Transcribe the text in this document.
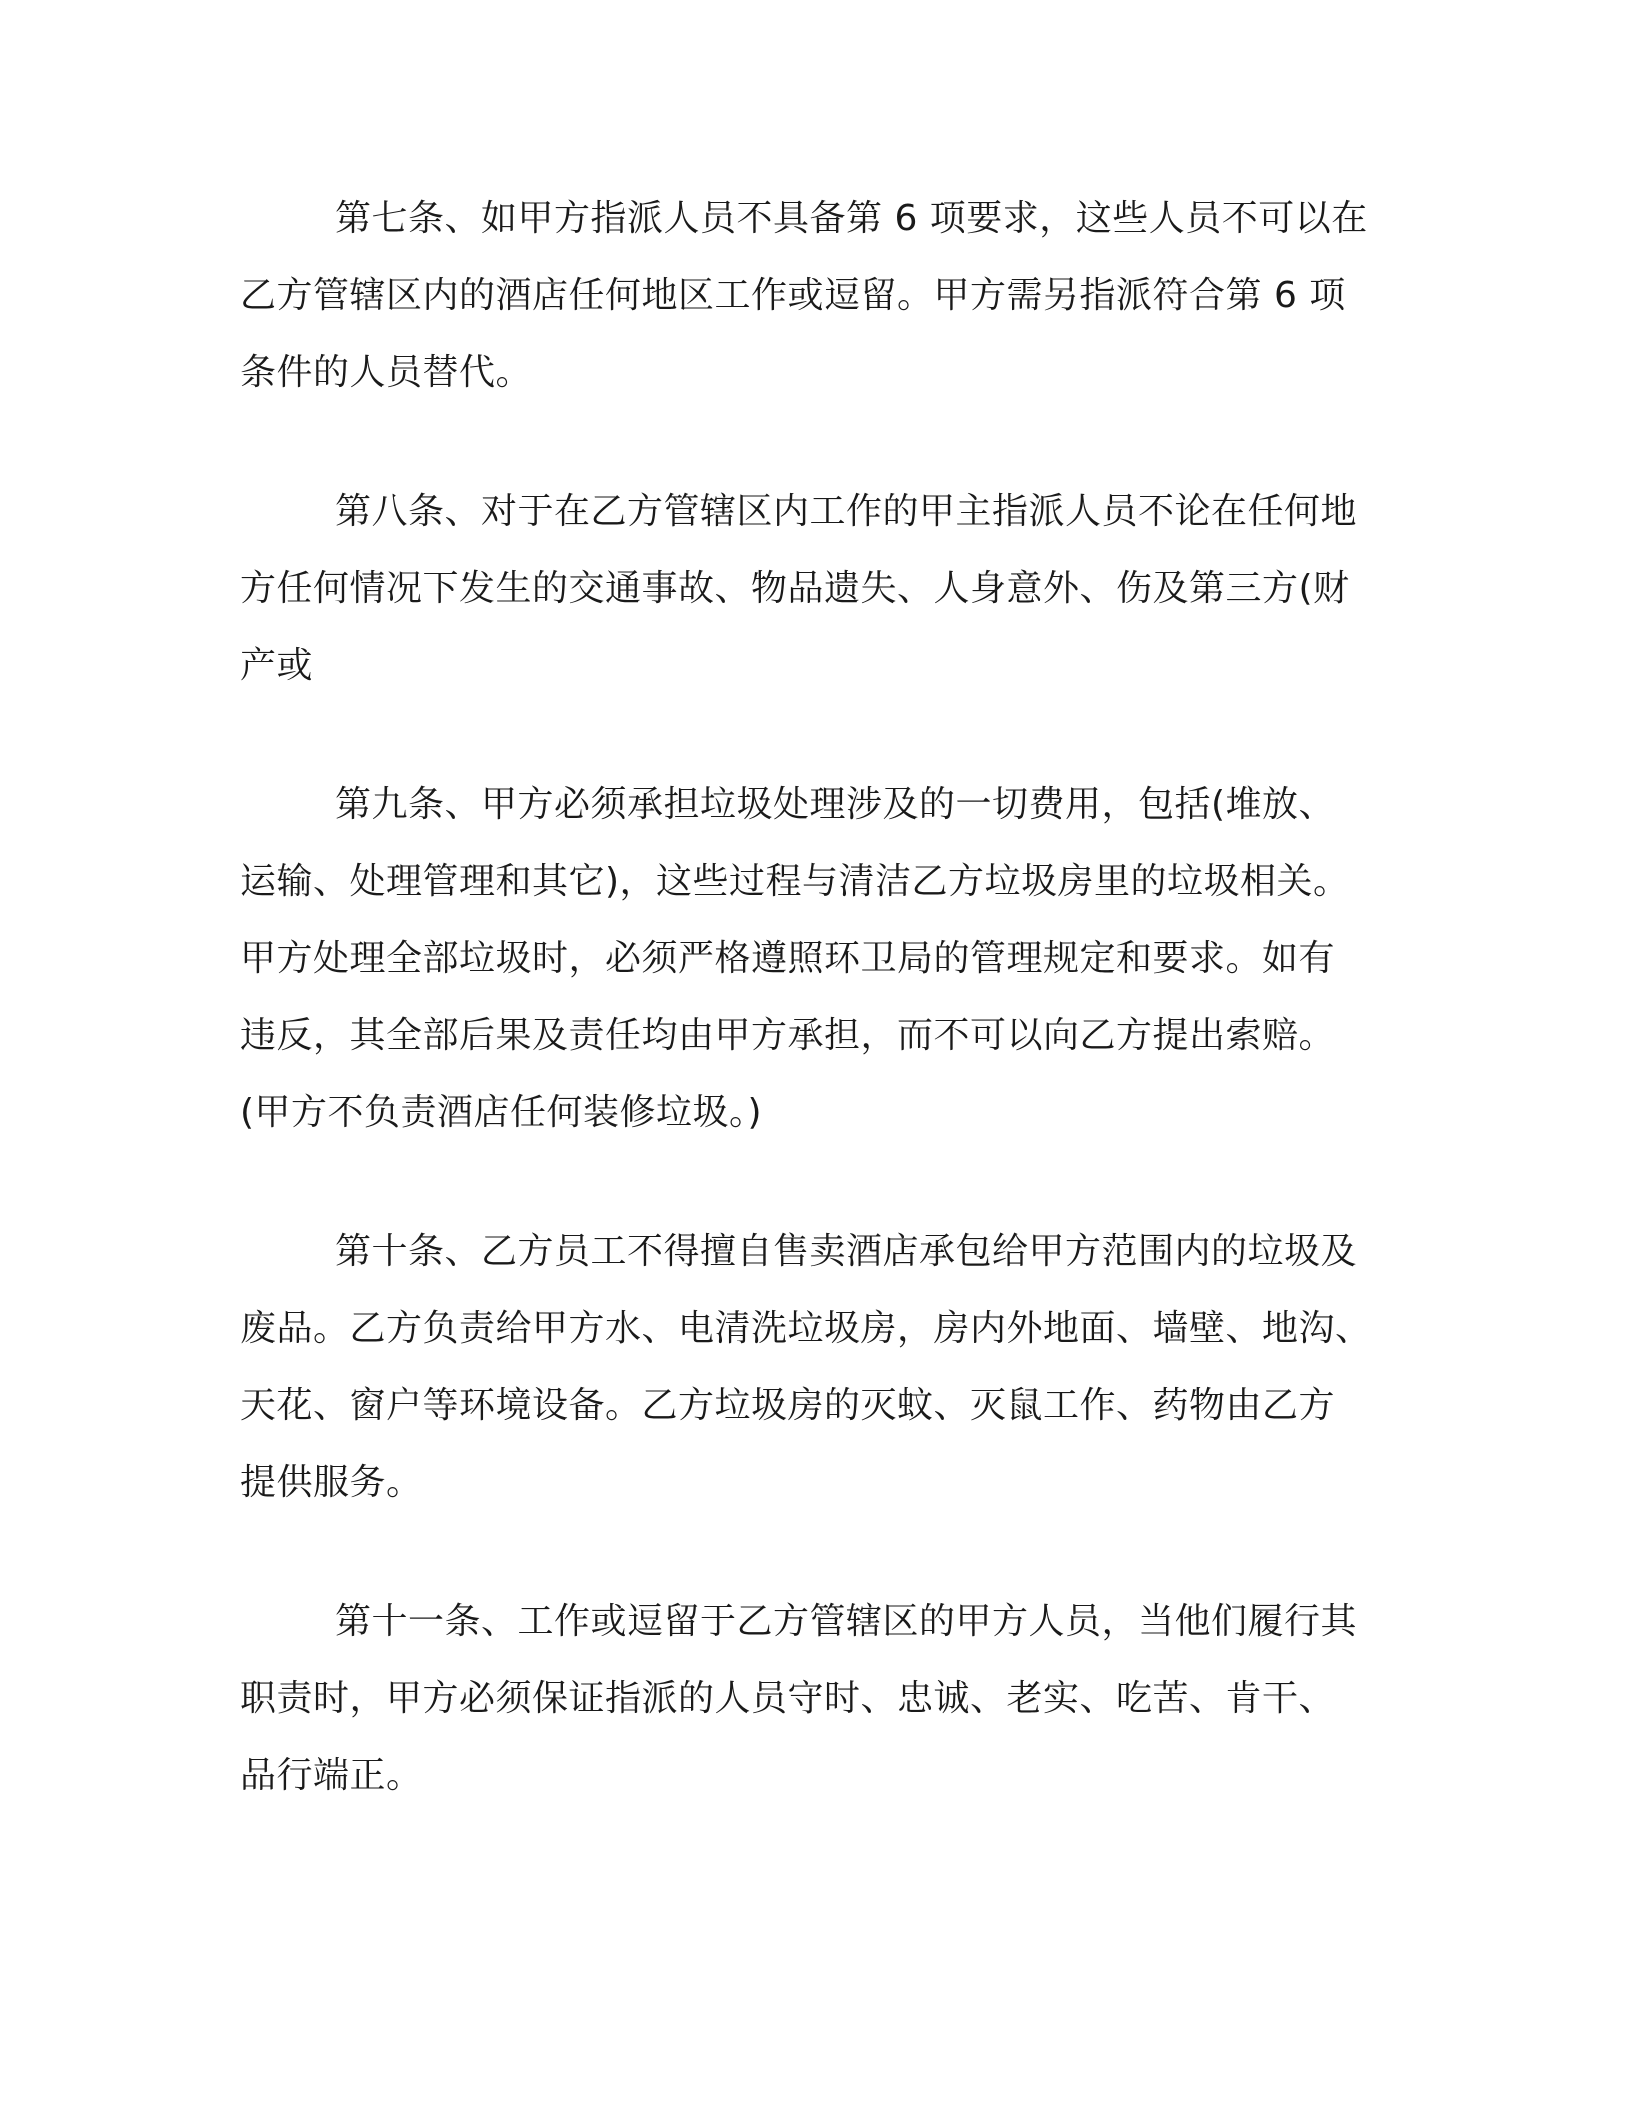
第七条、如甲方指派人员不具备第 6 项要求，这些人员不可以在
乙方管辖区内的酒店任何地区工作或逗留。甲方需另指派符合第 6 项
条件的人员替代。
第八条、对于在乙方管辖区内工作的甲主指派人员不论在任何地
方任何情况下发生的交通事故、物品遗失、人身意外、伤及第三方(财
产或
第九条、甲方必须承担垃圾处理涉及的一切费用，包括(堆放、
运输、处理管理和其它)，这些过程与清洁乙方垃圾房里的垃圾相关。
甲方处理全部垃圾时，必须严格遵照环卫局的管理规定和要求。如有
违反，其全部后果及责任均由甲方承担，而不可以向乙方提出索赔。
(甲方不负责酒店任何装修垃圾。)
第十条、乙方员工不得擅自售卖酒店承包给甲方范围内的垃圾及
废品。乙方负责给甲方水、电清洗垃圾房，房内外地面、墙壁、地沟、
天花、窗户等环境设备。乙方垃圾房的灭蚊、灭鼠工作、药物由乙方
提供服务。
第十一条、工作或逗留于乙方管辖区的甲方人员，当他们履行其
职责时，甲方必须保证指派的人员守时、忠诚、老实、吃苦、肯干、
品行端正。
